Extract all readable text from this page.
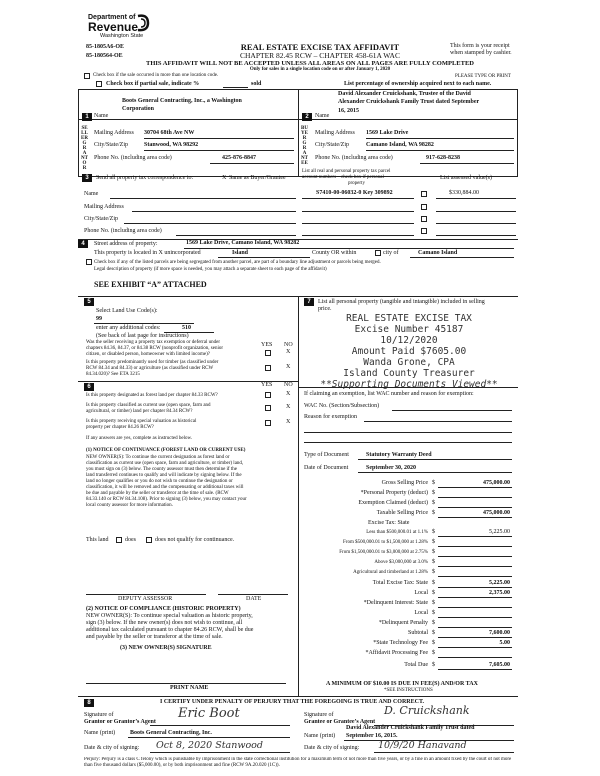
Department of
Revenue
Washington State
85-1805A6-OE
85-180564-OE
REAL ESTATE EXCISE TAX AFFIDAVIT
CHAPTER 82.45 RCW – CHAPTER 458-61A WAC
THIS AFFIDAVIT WILL NOT BE ACCEPTED UNLESS ALL AREAS ON ALL PAGES ARE FULLY COMPLETED
Only for sales in a single location code on or after January 1, 2020
This form is your receipt
when stamped by cashier.
PLEASE TYPE OR PRINT
Check box if the sale occurred in more than one location code.
Check box if partial sale, indicate %	sold	List percentage of ownership acquired next to each name.
1 Name
Boots General Contracting, Inc., a Washington
Corporation
SELLER GRANTOR
Mailing Address 30704 68th Ave NW
City/State/Zip	Stanwood, WA 98292
Phone No. (including area code)	425-876-8847
2	Name
David Alexander Cruickshank, Trustee of the David
Alexander Cruickshank Family Trust dated September
16, 2015
BUYER GRANTEE
Mailing Address 1569 Lake Drive
City/State/Zip	Camano Island, WA 98282
Phone No. (including area code)	917-628-8238
3	Send all property tax correspondence to:	X Same as Buyer/Grantee
List all real and personal property tax parcel
account numbers – check box if personal
property
List assessed value(s)
Name	S7410-00-06032-0 Key 309892	$330,884.00
Mailing Address
City/State/Zip
Phone No. (including area code)
4	Street address of property:	1569 Lake Drive, Camano Island, WA 98282
This property is located in X unincorporated	Island	County OR within	city of	Camano Island
Check box if any of the listed parcels are being segregated from another parcel, are part of a boundary line adjustment or parcels being merged.
Legal description of property (if more space is needed, you may attach a separate sheet to each page of the affidavit)
SEE EXHIBIT “A” ATTACHED
5
Select Land Use Code(s):
99
enter any additional codes:	510
(See back of last page for instructions)
YES NO
Was the seller receiving a property tax exemption or deferral under
chapters 84.36, 84.37, or 84.38 RCW (nonprofit organization, senior
citizen, or disabled person, homeowner with limited income)?	X
Is this property predominantly used for timber (as classified under
RCW 84.34 and 84.33) or agriculture (as classified under RCW
84.34.020)? See ETA 3215
X
6	YES NO
Is this property designated as forest land per chapter 84.33 RCW?	X
Is this property classified as current use (open space, farm and
agricultural, or timber) land per chapter 84.34 RCW?
X
Is this property receiving special valuation as historical
property per chapter 84.26 RCW?
X
If any answers are yes, complete as instructed below.
(1) NOTICE OF CONTINUANCE (FOREST LAND OR CURRENT USE)
NEW OWNER(S): To continue the current designation as forest land or
classification as current use (open space, farm and agriculture, or timber) land,
you must sign on (3) below. The county assessor must then determine if the
land transferred continues to qualify and will indicate by signing below. If the
land no longer qualifies or you do not wish to continue the designation or
classification, it will be removed and the compensating or additional taxes will
be due and payable by the seller or transferor at the time of sale. (RCW
84.33.140 or RCW 84.34.108). Prior to signing (3) below, you may contact your
local county assessor for more information.
This land	does	does not qualify for continuance.
DEPUTY ASSESSOR	DATE
(2) NOTICE OF COMPLIANCE (HISTORIC PROPERTY)
NEW OWNER(S): To continue special valuation as historic property,
sign (3) below. If the new owner(s) does not wish to continue, all
additional tax calculated pursuant to chapter 84.26 RCW, shall be due
and payable by the seller or transferor at the time of sale.
(3) NEW OWNER(S) SIGNATURE
PRINT NAME
7	List all personal property (tangible and intangible) included in selling
price.
REAL ESTATE EXCISE TAX
Excise Number 45187
10/12/2020
Amount Paid $7605.00
Wanda Grone, CPA
Island County Treasurer
**Supporting Documents Viewed**
If claiming an exemption, list WAC number and reason for exemption:
WAC No. (Section/Subsection)
Reason for exemption
Type of Document	Statutory Warranty Deed
Date of Document	September 30, 2020
Gross Selling Price $	475,000.00
*Personal Property (deduct) $
Exemption Claimed (deduct) $
Taxable Selling Price $	475,000.00
Excise Tax: State
Less than $500,000.01 at 1.1% $	5,225.00
From $500,000.01 to $1,500,000 at 1.28% $
From $1,500,000.01 to $3,000,000 at 2.75% $
Above $3,000,000 at 3.0% $
Agricultural and timberland at 1.28% $
Total Excise Tax: State $	5,225.00
Local $	2,375.00
*Delinquent Interest: State $
Local $
*Delinquent Penalty $
Subtotal $	7,600.00
*State Technology Fee $	5.00
*Affidavit Processing Fee $
Total Due $	7,605.00
A MINIMUM OF $10.00 IS DUE IN FEE(S) AND/OR TAX
*SEE INSTRUCTIONS
8	I CERTIFY UNDER PENALTY OF PERJURY THAT THE FOREGOING IS TRUE AND CORRECT.
Signature of
Grantor or Grantor’s Agent
Eric Boot	Signature of
Grantee or Grantee’s Agent
D. Cruickshank
Name (print) Boots General Contracting, Inc.	Name (print)
David Alexander Cruickshank Family Trust dated
September 16, 2015.
Date & city of signing: Oct 8, 2020 Stanwood	Date & city of signing: 10/9/20 Hanavand
Perjury: Perjury is a class C felony which is punishable by imprisonment in the state correctional institution for a maximum term of not more than five years, or by a fine in an amount fixed by the court of not more than five thousand dollars ($5,000.00), or by both imprisonment and fine (RCW 9A.20.020 (1C)).
